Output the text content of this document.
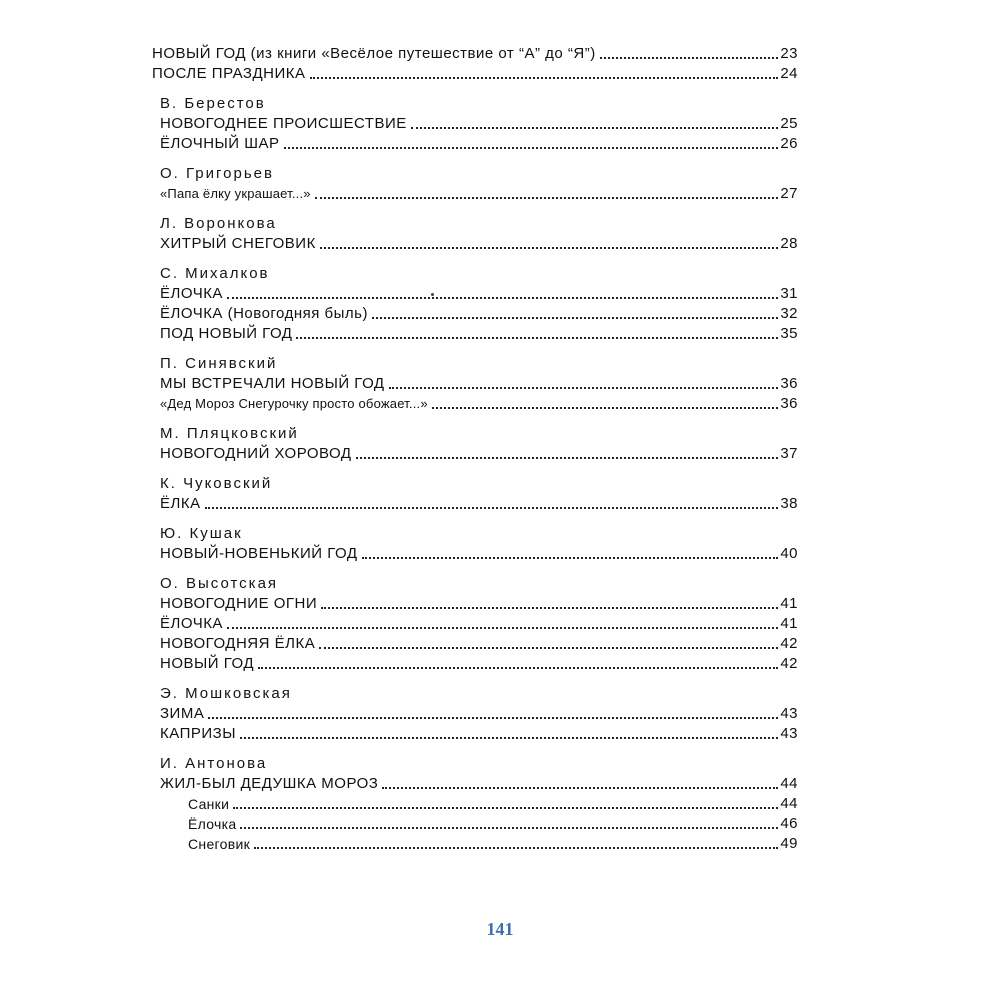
НОВЫЙ ГОД (из книги «Весёлое путешествие от “А” до “Я”)	23
ПОСЛЕ ПРАЗДНИКА	24
В. Берестов
НОВОГОДНЕЕ ПРОИСШЕСТВИЕ	25
ЁЛОЧНЫЙ ШАР	26
О. Григорьев
«Папа ёлку украшает...»	27
Л. Воронкова
ХИТРЫЙ СНЕГОВИК	28
С. Михалков
ЁЛОЧКА	31
ЁЛОЧКА (Новогодняя быль)	32
ПОД НОВЫЙ ГОД	35
П. Синявский
МЫ ВСТРЕЧАЛИ НОВЫЙ ГОД	36
«Дед Мороз Снегурочку просто обожает...»	36
М. Пляцковский
НОВОГОДНИЙ ХОРОВОД	37
К. Чуковский
ЁЛКА	38
Ю. Кушак
НОВЫЙ-НОВЕНЬКИЙ ГОД	40
О. Высотская
НОВОГОДНИЕ ОГНИ	41
ЁЛОЧКА	41
НОВОГОДНЯЯ ЁЛКА	42
НОВЫЙ ГОД	42
Э. Мошковская
ЗИМА	43
КАПРИЗЫ	43
И. Антонова
ЖИЛ-БЫЛ ДЕДУШКА МОРОЗ	44
Санки	44
Ёлочка	46
Снеговик	49
141
